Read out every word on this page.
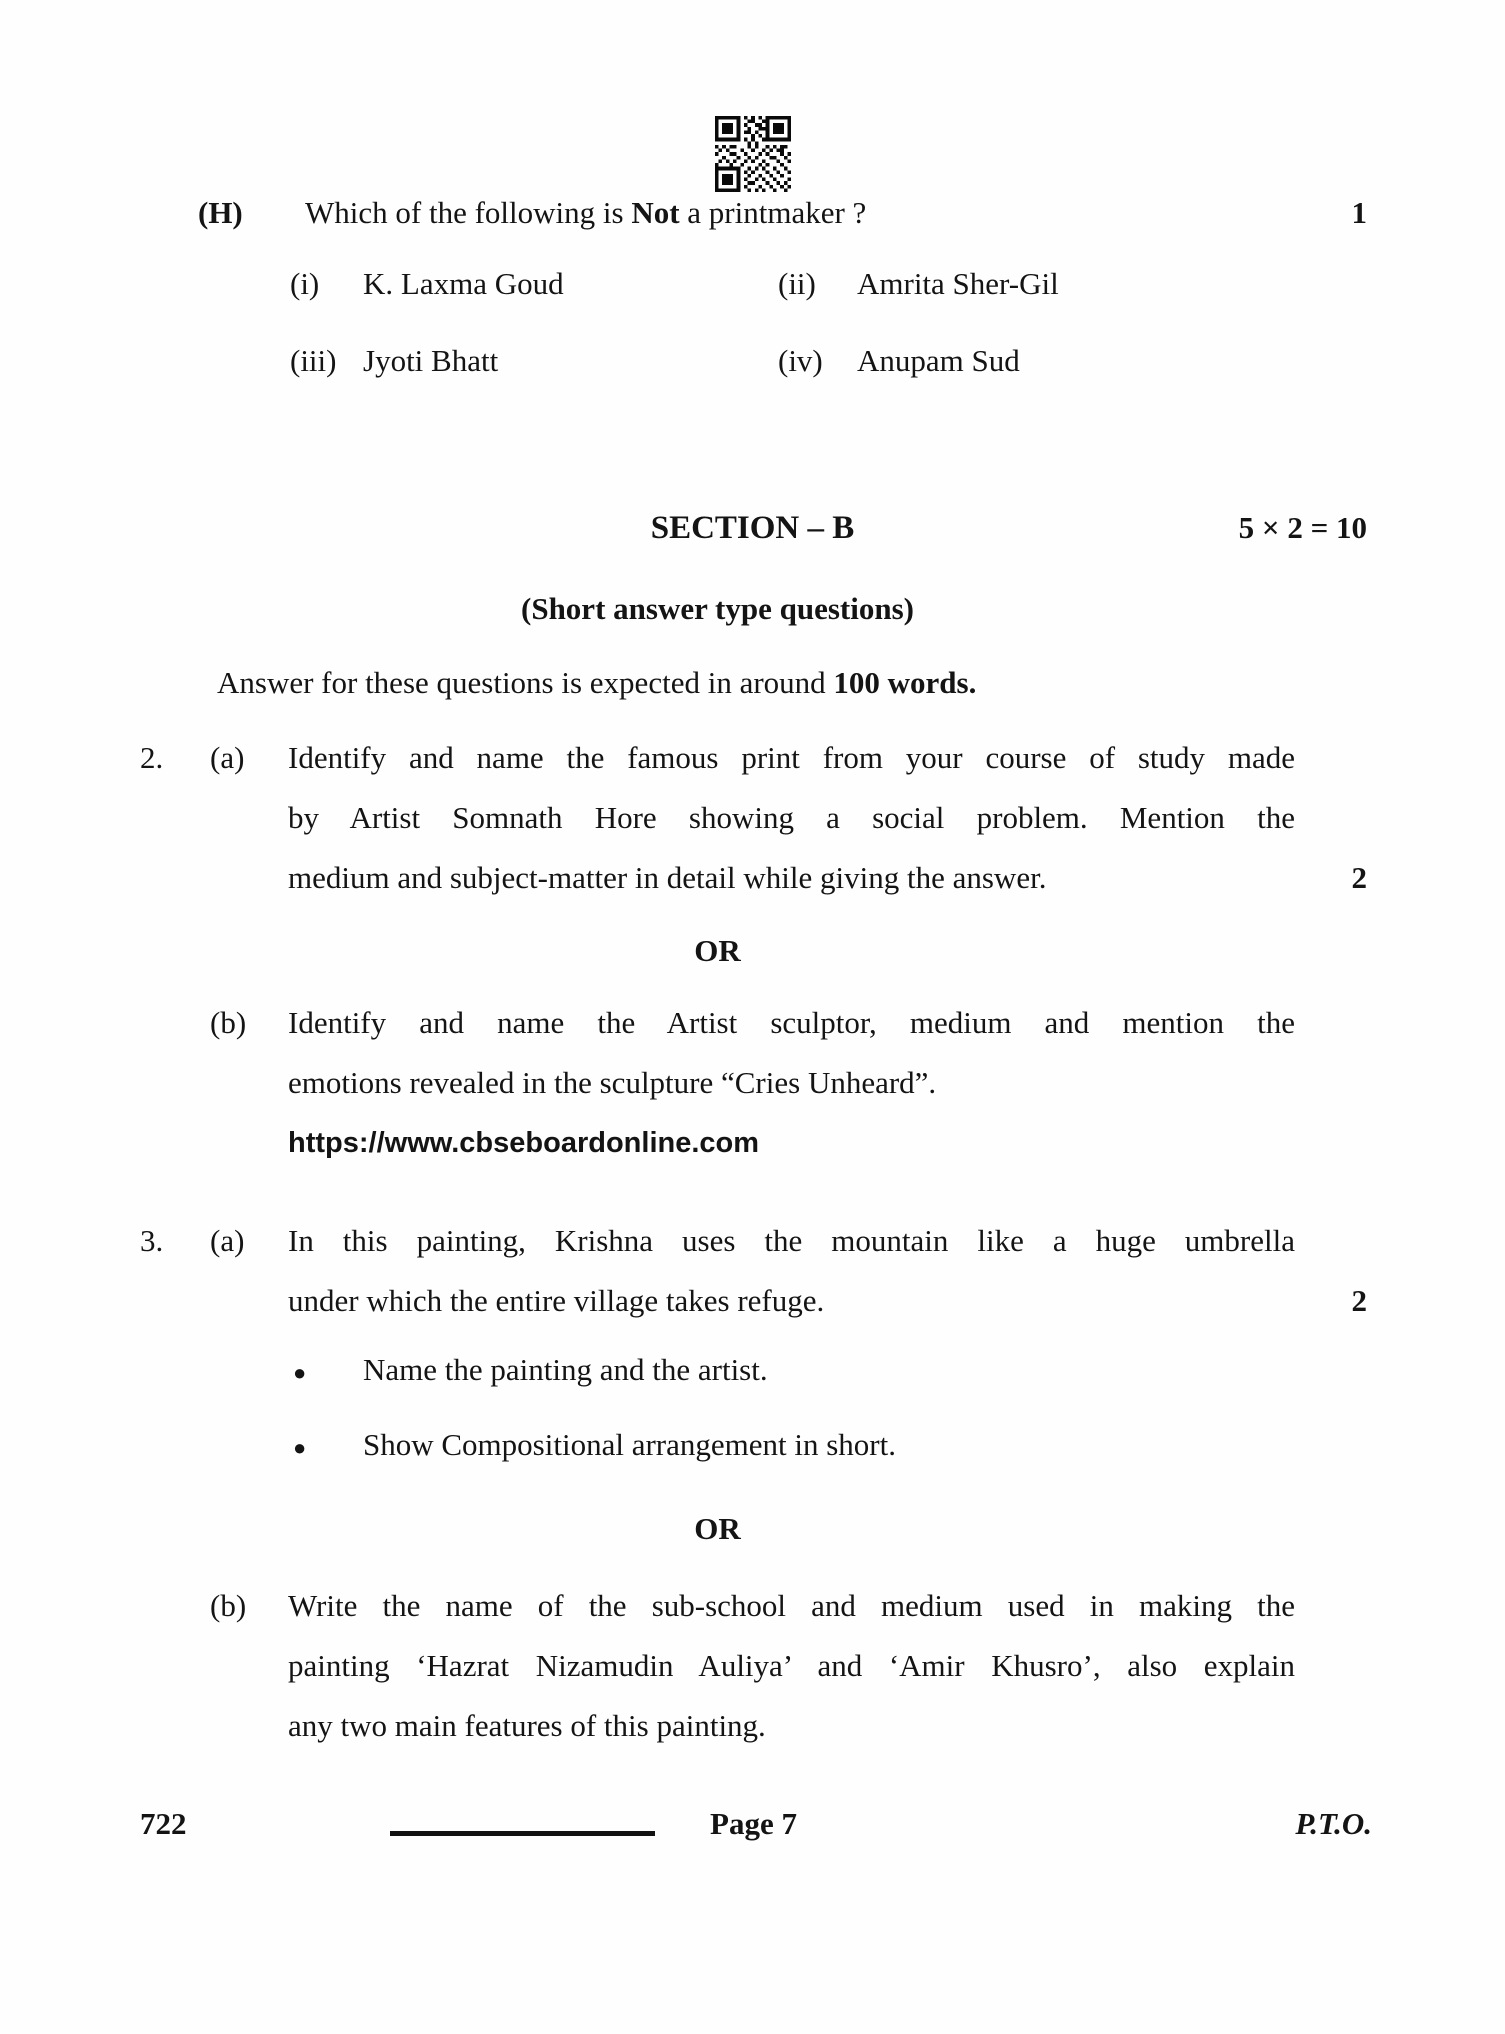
(H) Which of the following is Not a printmaker ?	1
(i)	K. Laxma Goud	(ii)	Amrita Sher-Gil
(iii) Jyoti Bhatt	(iv)	Anupam Sud
SECTION – B	5 × 2 = 10
(Short answer type questions)
Answer for these questions is expected in around 100 words.
2.	(a)	Identify and name the famous print from your course of study made
by Artist Somnath Hore showing a social problem. Mention the
medium and subject-matter in detail while giving the answer.	2
OR
(b)	Identify and name the Artist sculptor, medium and mention the
emotions revealed in the sculpture “Cries Unheard”.
https://www.cbseboardonline.com
3.	(a)	In this painting, Krishna uses the mountain like a huge umbrella
under which the entire village takes refuge.	2
● Name the painting and the artist.
● Show Compositional arrangement in short.
OR
(b)	Write the name of the sub-school and medium used in making the
painting ‘Hazrat Nizamudin Auliya’ and ‘Amir Khusro’, also explain
any two main features of this painting.
722	Page 7	P.T.O.
